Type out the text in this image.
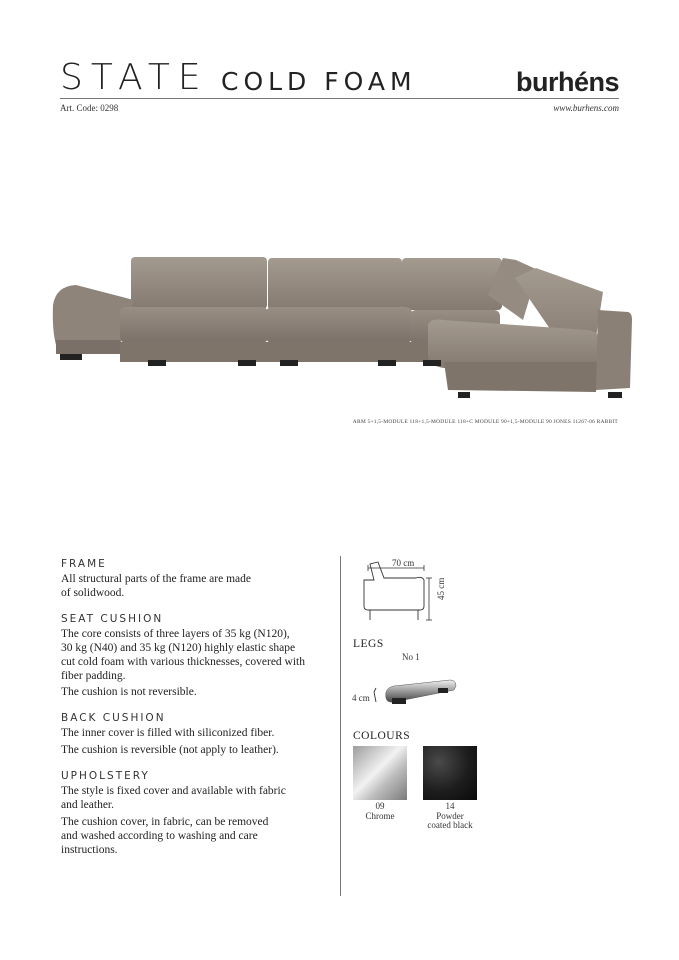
STATE COLD FOAM	burhéns
Art. Code: 0298	www.burhens.com
ARM 5+1,5-MODULE 118+1,5-MODULE 118+C MODULE 90+1,5-MODULE 90 JONES 11267-06 RABBIT
FRAME
All structural parts of the frame are made
of solidwood.
SEAT CUSHION
The core consists of three layers of 35 kg (N120),
30 kg (N40) and 35 kg (N120) highly elastic shape
cut cold foam with various thicknesses, covered with
fiber padding.
The cushion is not reversible.
BACK CUSHION
The inner cover is filled with siliconized fiber.
The cushion is reversible (not apply to leather).
UPHOLSTERY
The style is fixed cover and available with fabric
and leather.
The cushion cover, in fabric, can be removed
and washed according to washing and care
instructions.
70 cm
45 cm
LEGS
No 1
4 cm
COLOURS
09
Chrome
14
Powder
coated black
